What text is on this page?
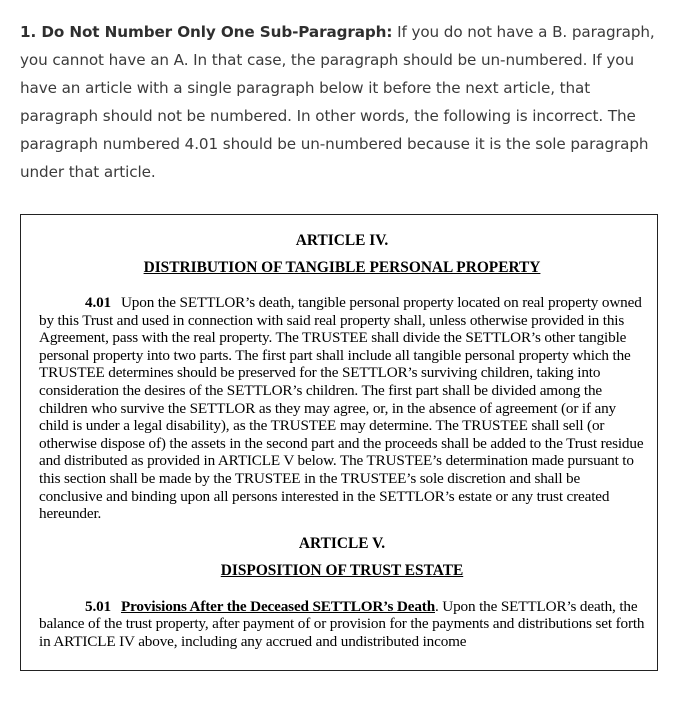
1. Do Not Number Only One Sub-Paragraph: If you do not have a B. paragraph, you cannot have an A. In that case, the paragraph should be un-numbered. If you have an article with a single paragraph below it before the next article, that paragraph should not be numbered. In other words, the following is incorrect. The paragraph numbered 4.01 should be un-numbered because it is the sole paragraph under that article.

ARTICLE IV.

DISTRIBUTION OF TANGIBLE PERSONAL PROPERTY

4.01 Upon the SETTLOR’s death, tangible personal property located on real property owned by this Trust and used in connection with said real property shall, unless otherwise provided in this Agreement, pass with the real property. The TRUSTEE shall divide the SETTLOR’s other tangible personal property into two parts. The first part shall include all tangible personal property which the TRUSTEE determines should be preserved for the SETTLOR’s surviving children, taking into consideration the desires of the SETTLOR’s children. The first part shall be divided among the children who survive the SETTLOR as they may agree, or, in the absence of agreement (or if any child is under a legal disability), as the TRUSTEE may determine. The TRUSTEE shall sell (or otherwise dispose of) the assets in the second part and the proceeds shall be added to the Trust residue and distributed as provided in ARTICLE V below. The TRUSTEE’s determination made pursuant to this section shall be made by the TRUSTEE in the TRUSTEE’s sole discretion and shall be conclusive and binding upon all persons interested in the SETTLOR’s estate or any trust created hereunder.

ARTICLE V.

DISPOSITION OF TRUST ESTATE

5.01 Provisions After the Deceased SETTLOR’s Death. Upon the SETTLOR’s death, the balance of the trust property, after payment of or provision for the payments and distributions set forth in ARTICLE IV above, including any accrued and undistributed income
